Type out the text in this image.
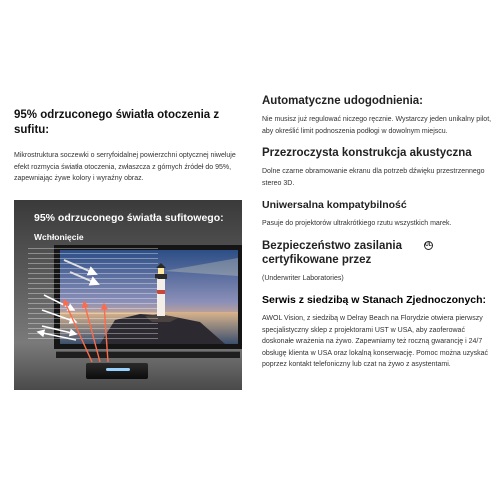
95% odrzuconego światła otoczenia z sufitu:
Mikrostruktura soczewki o serryfoidalnej powierzchni optycznej niweluje efekt rozmycia światła otoczenia, zwłaszcza z górnych źródeł do 95%, zapewniając żywe kolory i wyraźny obraz.
95% odrzuconego światła sufitowego:
Wchłonięcie
Automatyczne udogodnienia:
Nie musisz już regulować niczego ręcznie. Wystarczy jeden unikalny pilot, aby określić limit podnoszenia podłogi w dowolnym miejscu.
Przezroczysta konstrukcja akustyczna
Dolne czarne obramowanie ekranu dla potrzeb dźwięku przestrzennego stereo 3D.
Uniwersalna kompatybilność
Pasuje do projektorów ultrakrótkiego rzutu wszystkich marek.
Bezpieczeństwo zasilania certyfikowane przez
UL
(Underwriter Laboratories)
Serwis z siedzibą w Stanach Zjednoczonych:
AWOL Vision, z siedzibą w Delray Beach na Florydzie otwiera pierwszy specjalistyczny sklep z projektorami UST w USA, aby zaoferować doskonałe wrażenia na żywo. Zapewniamy też roczną gwarancję i 24/7 obsługę klienta w USA oraz lokalną konserwację. Pomoc można uzyskać poprzez kontakt telefoniczny lub czat na żywo z asystentami.
